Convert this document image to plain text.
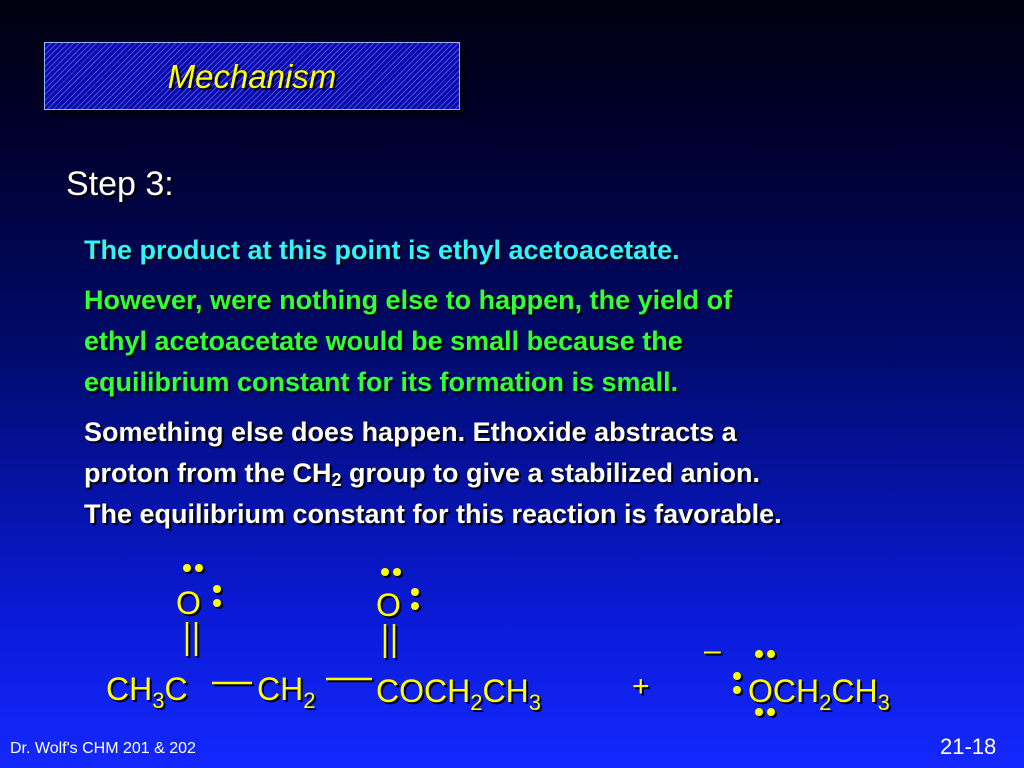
Mechanism
Step 3:
The product at this point is ethyl acetoacetate.
However, were nothing else to happen, the yield of
ethyl acetoacetate would be small because the
equilibrium constant for its formation is small.
Something else does happen. Ethoxide abstracts a
proton from the $CH_2$ group to give a stabilized anion.
The equilibrium constant for this reaction is favorable.
O	O
$CH_3C$ $CH_2$ $COCH_2CH_3$	+
–
$OCH_2CH_3$
Dr. Wolf's CHM 201 & 202	21-18
